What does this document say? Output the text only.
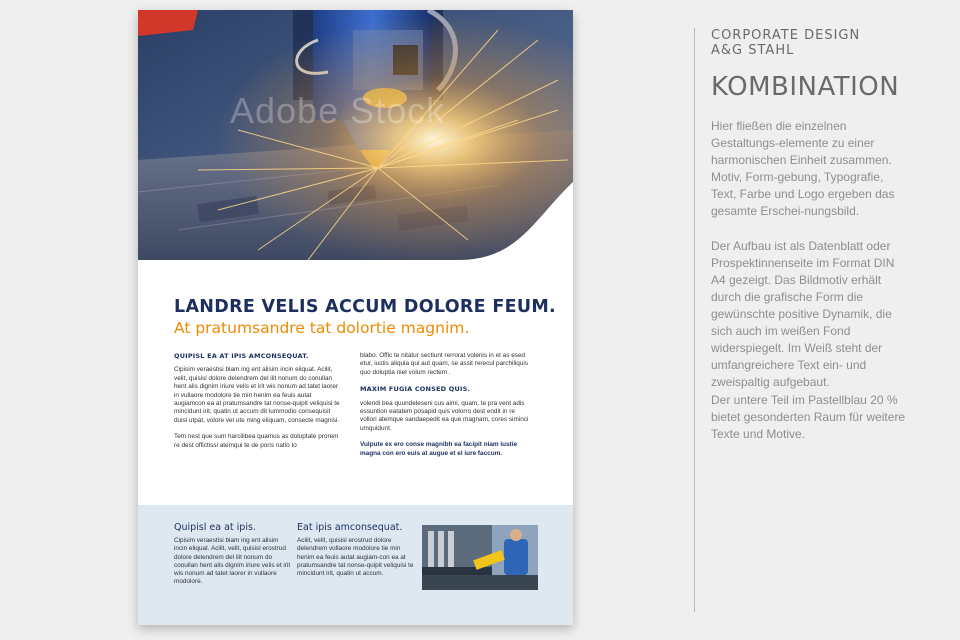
Adobe Stock
LANDRE VELIS ACCUM DOLORE FEUM.
At pratumsandre tat dolortie magnim.
QUIPISL EA AT IPIS AMCONSEQUAT.

Cipisim veraestisi blam ing ent alisim incin eliquat. Acilit, velit, quisisl dolore delendrem del ilit nonum do conullan hent alis dignim iriure velis et irit wis nonum ad tatet laorer in vullaore modolore tie min henim ea feuis autat augiamcon ea at pratumsandre tat nonse-quipit veliquisi te mincidunt irit, quatin ut accum dit lummodio consequisit duisl utpat, volore vel ute ming eliquam, consecte magnisi.

Tem nest que sum harcilibea quamus as doluptate prorem re dest offictissi atemqui te de poris natio to

blabo. Offic te nitatur sectiunt rerrorat volenis in et as esed etur, iustis aliquia qui aut quam, se assit rerecul parchiliquis quo doluptia niet volum rectem .

MAXIM FUGIA CONSED QUIS.

volendi bea quundeleseni cus aimi, quam, te pra vent adis essuntion eatatem posapid quis volorro dest endit in re vollori atemque sandaepedit ea que magnam, cores siminci umquidunt.

Vulpute ex ero conse magnibh ea facipit niam iustie magna con ero euis at augue et el iure faccum.

Quipisl ea at ipis.

Cipisim veraestisi blam ing ent alisim incin eliquat. Acilit, velit, quisisl erostrud dolore delendrem del ilit nonum do conullan hent alis dignim iriure velis et irit wis nonum ad tatet laorer in vullaore modolore.

Eat ipis amconsequat.

Acilit, velit, quisisl erostrud dolore delendrem vullaore modolore tie min henim ea feuis autat augiam-con ea at pratumsandre tat nonse-quipit veliquisi te mincidunt irit, quatin ut accum.

CORPORATE DESIGN
A&G STAHL
KOMBINATION

Hier fließen die einzelnen Gestaltungs-elemente zu einer harmonischen Einheit zusammen. Motiv, Form-gebung, Typografie, Text, Farbe und Logo ergeben das gesamte Erschei-nungsbild.

Der Aufbau ist als Datenblatt oder Prospektinnenseite im Format DIN A4 gezeigt. Das Bildmotiv erhält durch die grafische Form die gewünschte positive Dynamik, die sich auch im weißen Fond widerspiegelt. Im Weiß steht der umfangreichere Text ein- und zweispaltig aufgebaut.

Der untere Teil im Pastellblau 20 % bietet gesonderten Raum für weitere Texte und Motive.
